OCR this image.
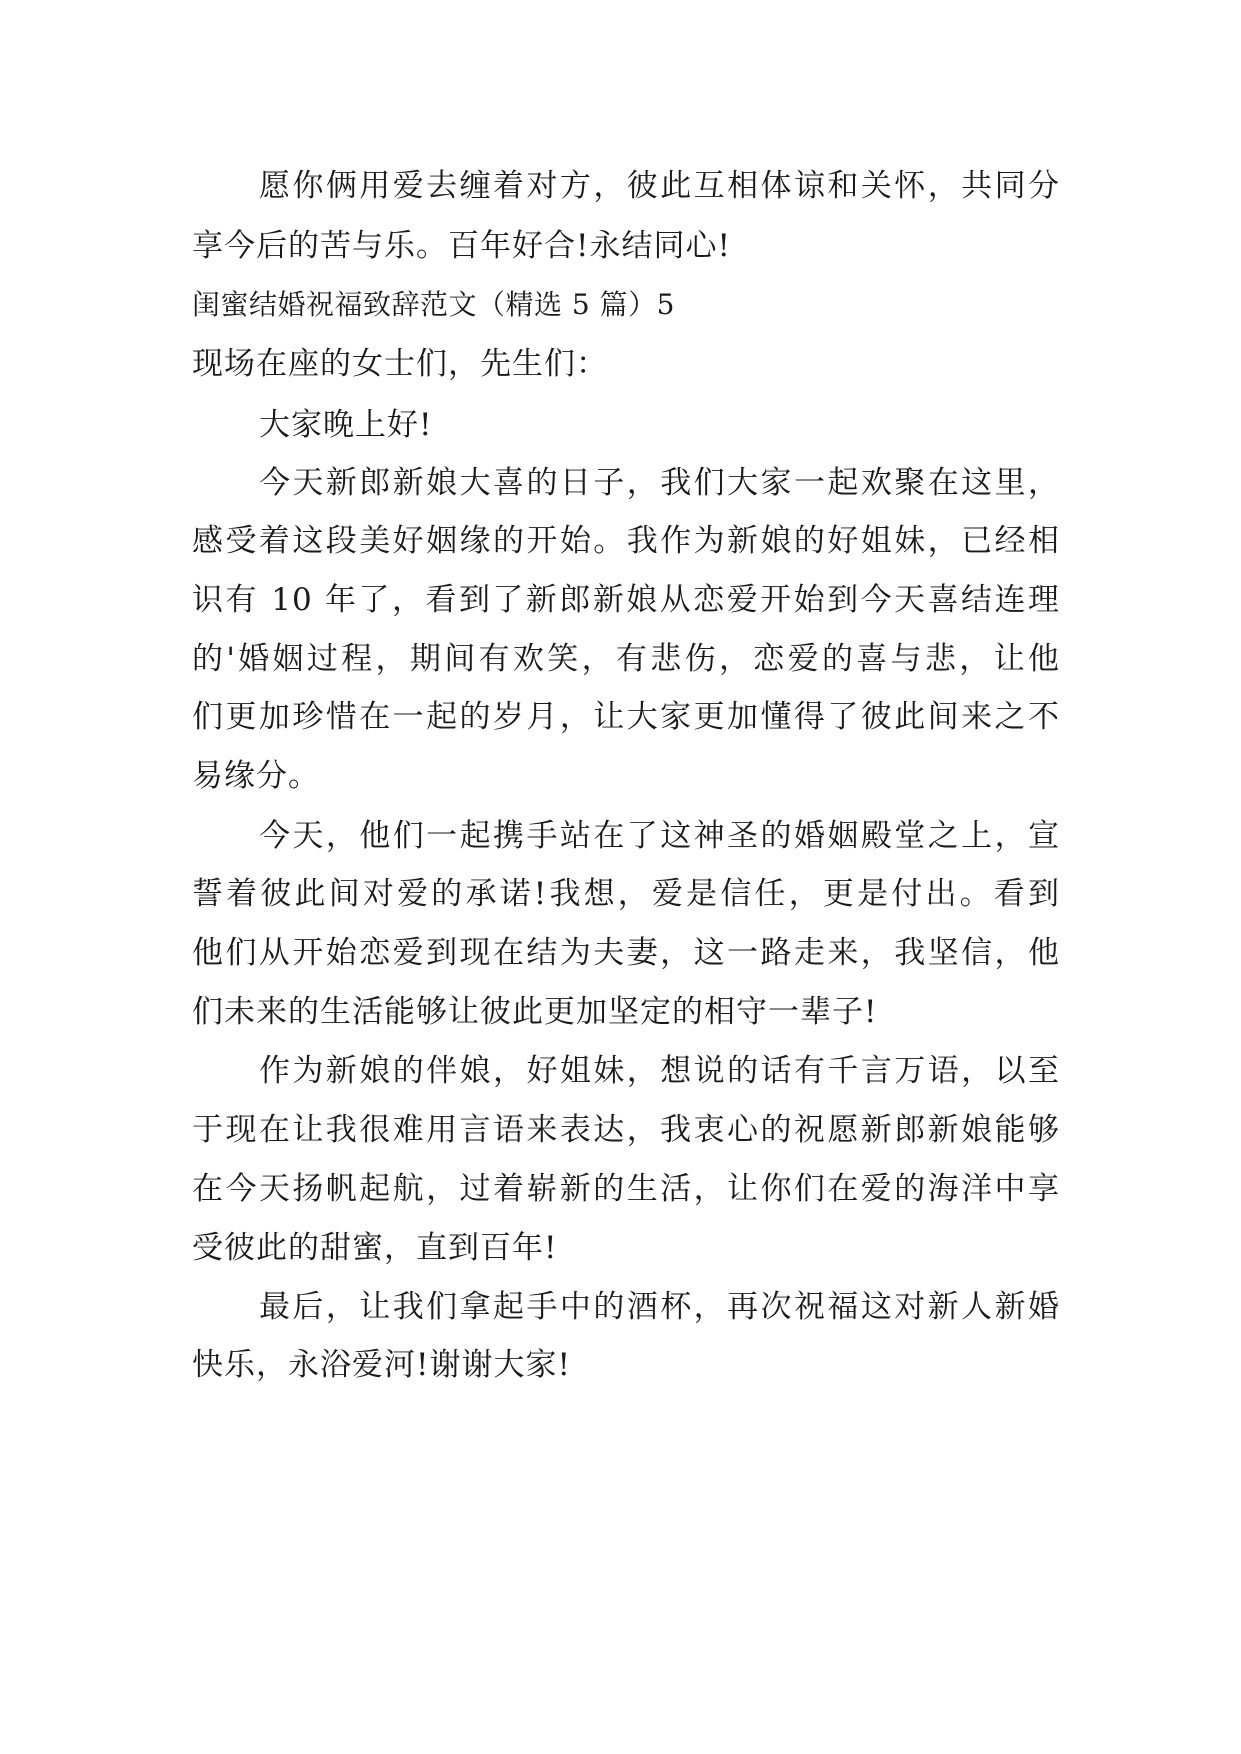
愿你俩用爱去缠着对方，彼此互相体谅和关怀，共同分
享今后的苦与乐。百年好合!永结同心!
闺蜜结婚祝福致辞范文（精选 5 篇）5
现场在座的女士们，先生们：
大家晚上好!
今天新郎新娘大喜的日子，我们大家一起欢聚在这里，
感受着这段美好姻缘的开始。我作为新娘的好姐妹，已经相
识有 10 年了，看到了新郎新娘从恋爱开始到今天喜结连理
的'婚姻过程，期间有欢笑，有悲伤，恋爱的喜与悲，让他
们更加珍惜在一起的岁月，让大家更加懂得了彼此间来之不
易缘分。
今天，他们一起携手站在了这神圣的婚姻殿堂之上，宣
誓着彼此间对爱的承诺!我想，爱是信任，更是付出。看到
他们从开始恋爱到现在结为夫妻，这一路走来，我坚信，他
们未来的生活能够让彼此更加坚定的相守一辈子!
作为新娘的伴娘，好姐妹，想说的话有千言万语，以至
于现在让我很难用言语来表达，我衷心的祝愿新郎新娘能够
在今天扬帆起航，过着崭新的生活，让你们在爱的海洋中享
受彼此的甜蜜，直到百年!
最后，让我们拿起手中的酒杯，再次祝福这对新人新婚
快乐，永浴爱河!谢谢大家!
